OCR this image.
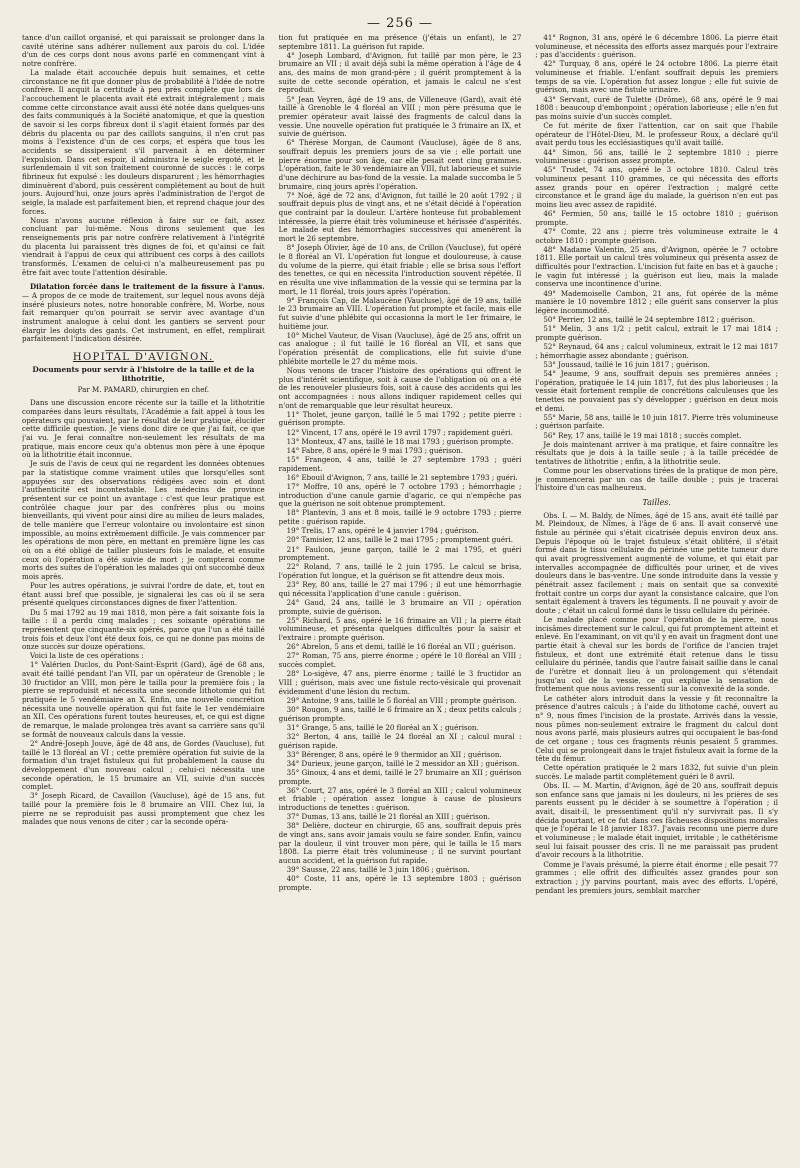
— 256 —

tance d'un caillot organisé, et qui paraissait se prolonger dans la cavité utérine sans adhérer nullement aux parois du col. L'idée d'un de ces corps dont nous avons parlé en commençant vint à notre confrère.

La malade était accouchée depuis huit semaines, et cette circonstance ne fit que donner plus de probabilité à l'idée de notre confrère. Il acquit la certitude à peu près complète que lors de l'accouchement le placenta avait été extrait intégralement ; mais comme cette circonstance avait aussi été notée dans quelques-uns des faits communiqués à la Société anatomique, et que la question de savoir si les corps fibreux dont il s'agit étaient formés par des débris du placenta ou par des caillots sanguins, il n'en crut pas moins à l'existence d'un de ces corps, et espéra que tous les accidents se dissiperaient s'il parvenait à en déterminer l'expulsion. Dans cet espoir, il administra le seigle ergoté, et le surlendemain il vit son traitement couronné de succès : le corps fibrineux fut expulsé : les douleurs disparurent ; les hémorrhagies diminuèrent d'abord, puis cessèrent complétement au bout de huit jours. Aujourd'hui, onze jours après l'administration de l'ergot de seigle, la malade est parfaitement bien, et reprend chaque jour des forces.

Nous n'avons aucune réflexion à faire sur ce fait, assez concluant par lui-même. Nous dirons seulement que les renseignements pris par notre confrère relativement à l'intégrité du placenta lui paraissent très dignes de foi, et qu'ainsi ce fait viendrait à l'appui de ceux qui attribuent ces corps à des caillots transformés. L'examen de celui-ci n'a malheureusement pas pu être fait avec toute l'attention désirable.

Dilatation forcée dans le traitement de la fissure à l'anus. — A propos de ce mode de traitement, sur lequel nous avons déjà inséré plusieurs notes, notre honorable confrère, M. Worbe, nous fait remarquer qu'on pourrait se servir avec avantage d'un instrument analogue à celui dont les gantiers se servent pour élargir les doigts des gants. Cet instrument, en effet, remplirait parfaitement l'indication désirée.
HOPITAL D'AVIGNON.
Documents pour servir à l'histoire de la taille et de la lithotritie,
Par M. PAMARD, chirurgien en chef.

Dans une discussion encore récente sur la taille et la lithotritie comparées dans leurs résultats, l'Académie a fait appel à tous les opérateurs qui pouvaient, par le résultat de leur pratique, élucider cette difficile question. Je viens donc dire ce que j'ai fait, ce que j'ai vu. Je ferai connaître non-seulement les résultats de ma pratique, mais encore ceux qu'a obtenus mon père à une époque où la lithotritie était inconnue.

Je suis de l'avis de ceux qui ne regardent les données obtenues par la statistique comme vraiment utiles que lorsqu'elles sont appuyées sur des observations rédigées avec soin et dont l'authenticité est incontestable. Les médecins de province présentent sur ce point un avantage : c'est que leur pratique est contrôlée chaque jour par des confrères plus ou moins bienveillants, qui vivent pour ainsi dire au milieu de leurs malades, de telle manière que l'erreur volontaire ou involontaire est sinon impossible, au moins extrêmement difficile. Je vais commencer par les opérations de mon père, en mettant en première ligne les cas où on a été obligé de tailler plusieurs fois le malade, et ensuite ceux où l'opération a été suivie de mort ; je compterai comme morts des suites de l'opération les malades qui ont succombé deux mois après.

Pour les autres opérations, je suivrai l'ordre de date, et, tout en étant aussi bref que possible, je signalerai les cas où il se sera présenté quelques circonstances dignes de fixer l'attention.

Du 5 mai 1792 au 19 mai 1818, mon père a fait soixante fois la taille : il a perdu cinq malades ; ces soixante opérations ne représentent que cinquante-six opérés, parce que l'un a été taillé trois fois et deux l'ont été deux fois, ce qui ne donne pas moins de onze succès sur douze opérations.

Voici la liste de ces opérations :

1° Valérien Duclos, du Pont-Saint-Esprit (Gard), âgé de 68 ans, avait été taillé pendant l'an VII, par un opérateur de Grenoble ; le 30 fructidor an VIII, mon père le tailla pour la première fois ; la pierre se reproduisit et nécessita une seconde lithotomie qui fut pratiquée le 5 vendémiaire an X. Enfin, une nouvelle concrétion nécessita une nouvelle opération qui fut faite le 1er vendémiaire an XII. Ces opérations furent toutes heureuses, et, ce qui est digne de remarque, le malade prolongea très avant sa carrière sans qu'il se formât de nouveaux calculs dans la vessie.

2° André-Joseph Jouve, âgé de 48 ans, de Gordes (Vaucluse), fut taillé le 13 floréal an VI ; cette première opération fut suivie de la formation d'un trajet fistuleux qui fut probablement la cause du développement d'un nouveau calcul ; celui-ci nécessita une seconde opération, le 15 brumaire an VII, suivie d'un succès complet.

3° Joseph Ricard, de Cavaillon (Vaucluse), âgé de 15 ans, fut taillé pour la première fois le 8 brumaire an VIII. Chez lui, la pierre ne se reproduisit pas aussi promptement que chez les malades que nous venons de citer ; car la seconde opéra-

tion fut pratiquée en ma présence (j'étais un enfant), le 27 septembre 1811. La guérison fut rapide.

4° Joseph Lombard, d'Avignon, fut taillé par mon père, le 23 brumaire an VII ; il avait déjà subi la même opération à l'âge de 4 ans, des mains de mon grand-père ; il guérit promptement à la suite de cette seconde opération, et jamais le calcul ne s'est reproduit.

5° Jean Veyren, âgé de 19 ans, de Villeneuve (Gard), avait été taillé à Grenoble le 4 floréal an VIII ; mon père présuma que le premier opérateur avait laissé des fragments de calcul dans la vessie. Une nouvelle opération fut pratiquée le 3 frimaire an IX, et suivie de guérison.

6° Thérèse Morgan, de Caumont (Vaucluse), âgée de 8 ans, souffrait depuis les premiers jours de sa vie ; elle portait une pierre énorme pour son âge, car elle pesait cent cinq grammes. L'opération, faite le 30 vendémiaire an VIII, fut laborieuse et suivie d'une déchirure au bas-fond de la vessie. La malade succomba le 5 brumaire, cinq jours après l'opération.

7° Noé, âgé de 72 ans, d'Avignon, fut taillé le 20 août 1792 ; il souffrait depuis plus de vingt ans, et ne s'était décidé à l'opération que contraint par la douleur. L'artère honteuse fut probablement intéressée, la pierre était très volumineuse et hérissée d'aspérités. Le malade eut des hémorrhagies successives qui amenèrent la mort le 26 septembre.

8° Joseph Olivier, âgé de 10 ans, de Crillon (Vaucluse), fut opéré le 8 floréal an VI. L'opération fut longue et douloureuse, à cause du volume de la pierre, qui était friable ; elle se brisa sous l'effort des tenettes, ce qui en nécessita l'introduction souvent répétée. Il en résulta une vive inflammation de la vessie qui se termina par la mort, le 11 floréal, trois jours après l'opération.

9° François Cap, de Malaucène (Vaucluse), âgé de 19 ans, taillé le 23 brumaire an VIII. L'opération fut prompte et facile, mais elle fut suivie d'une phlébite qui occasionna la mort le 1er frimaire, le huitième jour.

10° Michel Vauteur, de Visan (Vaucluse), âgé de 25 ans, offrit un cas analogue ; il fut taillé le 16 floréal an VII, et sans que l'opération présentât de complications, elle fut suivie d'une phlébite mortelle le 27 du même mois.

Nous venons de tracer l'histoire des opérations qui offrent le plus d'intérêt scientifique, soit à cause de l'obligation où on a été de les renouveler plusieurs fois, soit à cause des accidents qui les ont accompagnées : nous allons indiquer rapidement celles qui n'ont de remarquable que leur résultat heureux.

11° Tholet, jeune garçon, taillé le 5 mai 1792 ; petite pierre : guérison prompte.

12° Vincent, 17 ans, opéré le 19 avril 1797 ; rapidement guéri.

13° Monteux, 47 ans, taillé le 18 mai 1793 ; guérison prompte.

14° Fabre, 8 ans, opéré le 9 mai 1793 ; guérison.

15° Frangeon, 4 ans, taillé le 27 septembre 1793 ; guéri rapidement.

16° Ebouil d'Avignon, 7 ans, taillé le 21 septembre 1793 ; guéri.

17° Moffre, 10 ans, opéré le 7 octobre 1793 ; hémorrhagie ; introduction d'une canule garnie d'agaric, ce qui n'empêche pas que la guérison ne soit obtenue promptement.

18° Plantevin, 3 ans et 8 mois, taillé le 9 octobre 1793 ; pierre petite : guérison rapide.

19° Trelis, 17 ans, opéré le 4 janvier 1794 ; guérison.

20° Tamisier, 12 ans, taillé le 2 mai 1795 ; promptement guéri.

21° Faulcon, jeune garçon, taillé le 2 mai 1795, et guéri promptement.

22° Roland, 7 ans, taillé le 2 juin 1795. Le calcul se brisa, l'opération fut longue, et la guérison se fit attendre deux mois.

23° Rey, 80 ans, taillé le 27 mai 1796 ; il eut une hémorrhagie qui nécessita l'application d'une canule : guérison.

24° Gaud, 24 ans, taillé le 3 brumaire an VII ; opération prompte, suivie de guérison.

25° Richard, 5 ans, opéré le 16 frimaire an VII ; la pierre était volumineuse, et présenta quelques difficultés pour la saisir et l'extraire : prompte guérison.

26° Abrelon, 5 ans et demi, taillé le 16 floréal an VII ; guérison.

27° Roman, 75 ans, pierre énorme ; opéré le 10 floréal an VIII ; succès complet.

28° Lo-sigève, 47 ans, pierre énorme ; taillé le 3 fructidor an VIII ; guérison, mais avec une fistule recto-vésicale qui provenait évidemment d'une lésion du rectum.

29° Antoine, 9 ans, taillé le 5 floréal an VIII ; prompte guérison.

30° Rougon, 9 ans, taillé le 6 frimaire an X ; deux petits calculs ; guérison prompte.

31° Grange, 5 ans, taillé le 20 floréal an X ; guérison.

32° Berton, 4 ans, taillé le 24 floréal an XI ; calcul mural : guérison rapide.

33° Bérenger, 8 ans, opéré le 9 thermidor an XII ; guérison.

34° Durieux, jeune garçon, taillé le 2 messidor an XII ; guérison.

35° Ginoux, 4 ans et demi, taillé le 27 brumaire an XII ; guérison prompte.

36° Court, 27 ans, opéré le 3 floréal an XIII ; calcul volumineux et friable ; opération assez longue à cause de plusieurs introductions de tenettes : guérison.

37° Dumas, 13 ans, taillé le 21 floréal an XIII ; guérison.

38° Delière, docteur en chirurgie, 65 ans, souffrait depuis près de vingt ans, sans avoir jamais voulu se faire sonder. Enfin, vaincu par la douleur, il vint trouver mon père, qui le tailla le 15 mars 1808. La pierre était très volumineuse ; il ne survint pourtant aucun accident, et la guérison fut rapide.

39° Sausse, 22 ans, taillé le 3 juin 1806 ; guérison.

40° Coste, 11 ans, opéré le 13 septembre 1803 ; guérison prompte.

41° Rognon, 31 ans, opéré le 6 décembre 1806. La pierre était volumineuse, et nécessita des efforts assez marqués pour l'extraire ; pas d'accidents : guérison.

42° Turquay, 8 ans, opéré le 24 octobre 1806. La pierre était volumineuse et friable. L'enfant souffrait depuis les premiers temps de sa vie. L'opération fut assez longue ; elle fut suivie de guérison, mais avec une fistule urinaire.

43° Servant, curé de Tulette (Drôme), 68 ans, opéré le 9 mai 1808 : beaucoup d'embonpoint ; opération laborieuse ; elle n'en fut pas moins suivie d'un succès complet.

Ce fut mérite de fixer l'attention, car on sait que l'habile opérateur de l'Hôtel-Dieu, M. le professeur Roux, a déclaré qu'il avait perdu tous les ecclésiastiques qu'il avait taillé.

44° Simon, 56 ans, taillé le 2 septembre 1810 ; pierre volumineuse : guérison assez prompte.

45° Trudet, 74 ans, opéré le 3 octobre 1810. Calcul très volumineux pesant 110 grammes, ce qui nécessita des efforts assez grands pour en opérer l'extraction ; malgré cette circonstance et le grand âge du malade, la guérison n'en eut pas moins lieu avec assez de rapidité.

46° Fermien, 50 ans, taillé le 15 octobre 1810 ; guérison prompte.

47° Comte, 22 ans ; pierre très volumineuse extraite le 4 octobre 1810 : prompte guérison.

48° Madame Valentin, 25 ans, d'Avignon, opérée le 7 octobre 1811. Elle portait un calcul très volumineux qui présenta assez de difficultés pour l'extraction. L'incision fut faite en bas et à gauche ; le vagin fut intéressé ; la guérison eut lieu, mais la malade conserva une incontinence d'urine.

49° Mademoiselle Cambon, 21 ans, fut opérée de la même manière le 10 novembre 1812 ; elle guérit sans conserver la plus légère incommodité.

50° Perrier, 12 ans, taillé le 24 septembre 1812 ; guérison.

51° Melin, 3 ans 1/2 ; petit calcul, extrait le 17 mai 1814 ; prompte guérison.

52° Reynaud, 64 ans ; calcul volumineux, extrait le 12 mai 1817 ; hémorrhagie assez abondante ; guérison.

53° Joussaud, taillé le 16 juin 1817 ; guérison.

54° Jeaume, 9 ans, souffrait depuis ses premières années ; l'opération, pratiquée le 14 juin 1817, fut des plus laborieuses ; la vessie était fortement remplie de concrétions calculeuses que les tenettes ne pouvaient pas s'y développer ; guérison en deux mois et demi.

55° Marie, 58 ans, taillé le 10 juin 1817. Pierre très volumineuse ; guérison parfaite.

56° Rey, 17 ans, taillé le 19 mai 1818 ; succès complet.

Je dois maintenant arriver à ma pratique, et faire connaître les résultats que je dois à la taille seule ; à la taille précédée de tentatives de lithotritie ; enfin, à la lithotritie seule.

Comme pour les observations tirées de la pratique de mon père, je commencerai par un cas de taille double ; puis je tracerai l'histoire d'un cas malheureux.

Tailles.

Obs. I. — M. Baldy, de Nîmes, âgé de 15 ans, avait été taillé par M. Pleindoux, de Nîmes, à l'âge de 6 ans. Il avait conservé une fistule au périnée qui s'était cicatrisée depuis environ deux ans. Depuis l'époque où le trajet fistuleux s'était oblitéré, il s'était formé dans le tissu cellulaire du périnée une petite tumeur dure qui avait progressivement augmenté de volume, et qui était par intervalles accompagnée de difficultés pour uriner, et de vives douleurs dans le bas-ventre. Une sonde introduite dans la vessie y pénétrait assez facilement ; mais on sentait que sa convexité frottait contre un corps dur ayant la consistance calcaire, que l'on sentait également à travers les téguments. Il ne pouvait y avoir de doute ; c'était un calcul formé dans le tissu cellulaire du périnée.

Le malade placé comme pour l'opération de la pierre, nous incisâmes directement sur le calcul, qui fut promptement atteint et enlevé. En l'examinant, on vit qu'il y en avait un fragment dont une partie était à cheval sur les bords de l'orifice de l'ancien trajet fistuleux, et dont une extrémité était retenue dans le tissu cellulaire du périnée, tandis que l'autre faisait saillie dans le canal de l'urètre et donnait lieu à un prolongement qui s'étendait jusqu'au col de la vessie, ce qui explique la sensation de frottement que nous avions ressenti sur la convexité de la sonde.

Le cathéter alors introduit dans la vessie y fit reconnaître la présence d'autres calculs ; à l'aide du lithotome caché, ouvert au n° 9, nous fîmes l'incision de la prostate. Arrivés dans la vessie, nous pûmes non-seulement extraire le fragment du calcul dont nous avons parlé, mais plusieurs autres qui occupaient le bas-fond de cet organe ; tous ces fragments réunis pesaient 5 grammes. Celui qui se prolongeait dans le trajet fistuleux avait la forme de la tête du fémur.

Cette opération pratiquée le 2 mars 1832, fut suivie d'un plein succès. Le malade partit complétement guéri le 8 avril.

Obs. II. — M. Martin, d'Avignon, âgé de 20 ans, souffrait depuis son enfance sans que jamais ni les douleurs, ni les prières de ses parents eussent pu le décider à se soumettre à l'opération ; il avait, disait-il, le pressentiment qu'il n'y survivrait pas. Il s'y décida pourtant, et ce fut dans ces fâcheuses dispositions morales que je l'opérai le 18 janvier 1837. J'avais reconnu une pierre dure et volumineuse ; le malade était inquiet, irritable ; le cathétérisme seul lui faisait pousser des cris. Il ne me paraissait pas prudent d'avoir recours à la lithotritie.

Comme je l'avais présumé, la pierre était énorme ; elle pesait 77 grammes ; elle offrit des difficultés assez grandes pour son extraction ; j'y parvins pourtant, mais avec des efforts. L'opéré, pendant les premiers jours, semblait marcher
